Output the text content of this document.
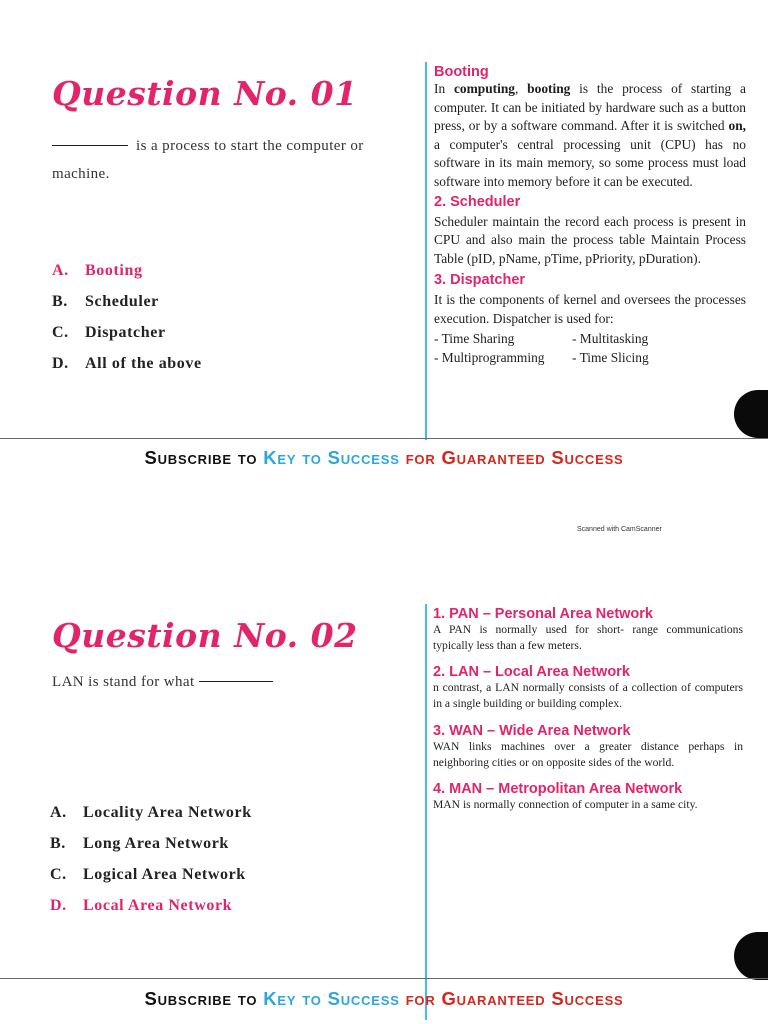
Question No. 01

is a process to start the computer or
machine.

A.	Booting
B.	Scheduler
C.	Dispatcher
D.	All of the above

Booting

In computing, booting is the process of starting a computer. It can be initiated by hardware such as a button press, or by a software command. After it is switched on, a computer's central processing unit (CPU) has no software in its main memory, so some process must load software into memory before it can be executed.

2. Scheduler

Scheduler maintain the record each process is present in CPU and also main the process table Maintain Process Table (pID, pName, pTime, pPriority, pDuration).

3. Dispatcher

It is the components of kernel and oversees the processes execution. Dispatcher is used for:

- Time Sharing	- Multitasking
- Multiprogramming	- Time Slicing
Subscribe to Key to Success for Guaranteed Success
Scanned with CamScanner
Question No. 02

LAN is stand for what

A.	Locality Area Network
B.	Long Area Network
C.	Logical Area Network
D.	Local Area Network

1. PAN – Personal Area Network

A PAN is normally used for short- range communications typically less than a few meters.

2. LAN – Local Area Network

n contrast, a LAN normally consists of a collection of computers in a single building or building complex.

3. WAN – Wide Area Network

WAN links machines over a greater distance perhaps in neighboring cities or on opposite sides of the world.

4. MAN – Metropolitan Area Network

MAN is normally connection of computer in a same city.

Subscribe to Key to Success for Guaranteed Success
